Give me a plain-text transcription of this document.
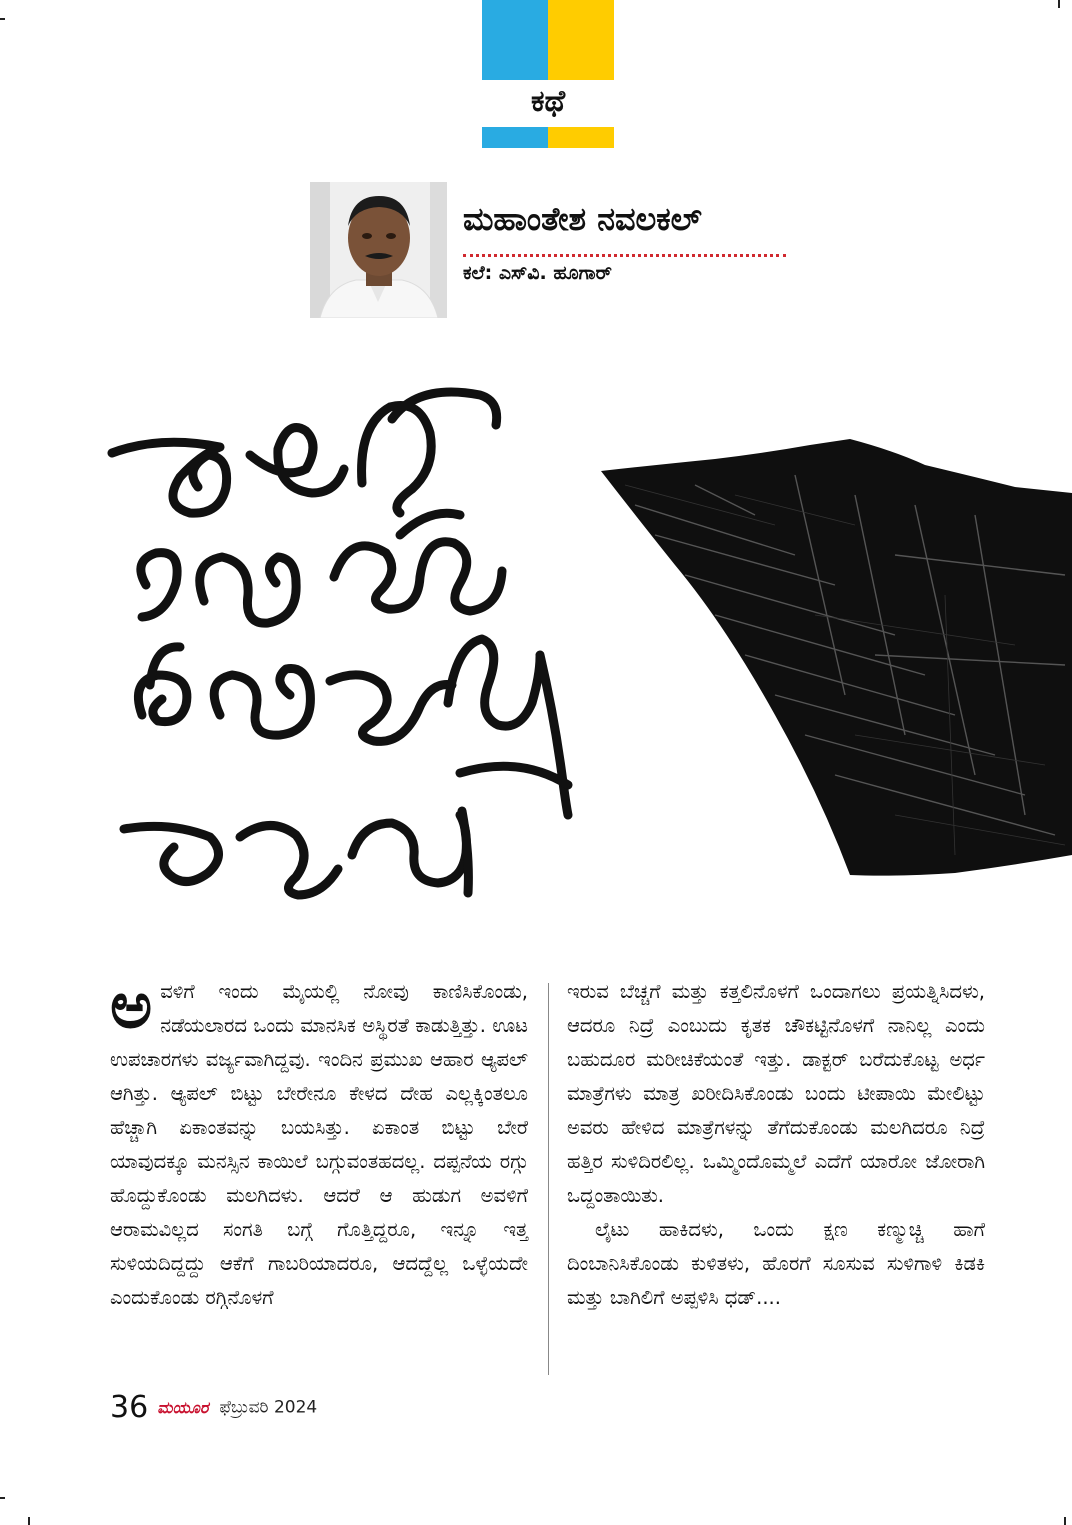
ಕಥೆ
ಮಹಾಂತೇಶ ನವಲಕಲ್
ಕಲೆ: ಎಸ್‌ವಿ. ಹೂಗಾರ್

ಅವಳಿಗೆ ಇಂದು ಮೈಯಲ್ಲಿ ನೋವು ಕಾಣಿಸಿಕೊಂಡು, ನಡೆಯಲಾರದ ಒಂದು ಮಾನಸಿಕ ಅಸ್ಥಿರತೆ ಕಾಡುತ್ತಿತ್ತು. ಊಟ ಉಪಚಾರಗಳು ವರ್ಜ್ಯವಾಗಿದ್ದವು. ಇಂದಿನ ಪ್ರಮುಖ ಆಹಾರ ಆ್ಯಪಲ್ ಆಗಿತ್ತು. ಆ್ಯಪಲ್ ಬಿಟ್ಟು ಬೇರೇನೂ ಕೇಳದ ದೇಹ ಎಲ್ಲಕ್ಕಿಂತಲೂ ಹೆಚ್ಚಾಗಿ ಏಕಾಂತವನ್ನು ಬಯಸಿತ್ತು. ಏಕಾಂತ ಬಿಟ್ಟು ಬೇರೆ ಯಾವುದಕ್ಕೂ ಮನಸ್ಸಿನ ಕಾಯಿಲೆ ಬಗ್ಗುವಂತಹದಲ್ಲ. ದಪ್ಪನೆಯ ರಗ್ಗು ಹೊದ್ದುಕೊಂಡು ಮಲಗಿದಳು. ಆದರೆ ಆ ಹುಡುಗ ಅವಳಿಗೆ ಆರಾಮವಿಲ್ಲದ ಸಂಗತಿ ಬಗ್ಗೆ ಗೊತ್ತಿದ್ದರೂ, ಇನ್ನೂ ಇತ್ತ ಸುಳಿಯದಿದ್ದದ್ದು ಆಕೆಗೆ ಗಾಬರಿಯಾದರೂ, ಆದದ್ದೆಲ್ಲ ಒಳ್ಳೆಯದೇ ಎಂದುಕೊಂಡು ರಗ್ಗಿನೊಳಗೆ

ಇರುವ ಬೆಚ್ಚಗೆ ಮತ್ತು ಕತ್ತಲಿನೊಳಗೆ ಒಂದಾಗಲು ಪ್ರಯತ್ನಿಸಿದಳು, ಆದರೂ ನಿದ್ರೆ ಎಂಬುದು ಕೃತಕ ಚೌಕಟ್ಟಿನೊಳಗೆ ನಾನಿಲ್ಲ ಎಂದು ಬಹುದೂರ ಮರೀಚಿಕೆಯಂತೆ ಇತ್ತು. ಡಾಕ್ಟರ್ ಬರೆದುಕೊಟ್ಟ ಅರ್ಧ ಮಾತ್ರೆಗಳು ಮಾತ್ರ ಖರೀದಿಸಿಕೊಂಡು ಬಂದು ಟೀಪಾಯಿ ಮೇಲಿಟ್ಟು ಅವರು ಹೇಳಿದ ಮಾತ್ರೆಗಳನ್ನು ತೆಗೆದುಕೊಂಡು ಮಲಗಿದರೂ ನಿದ್ರೆ ಹತ್ತಿರ ಸುಳಿದಿರಲಿಲ್ಲ. ಒಮ್ಮಿಂದೊಮ್ಮಲೆ ಎದೆಗೆ ಯಾರೋ ಜೋರಾಗಿ ಒದ್ದಂತಾಯಿತು.

ಲೈಟು ಹಾಕಿದಳು, ಒಂದು ಕ್ಷಣ ಕಣ್ಮುಚ್ಚಿ ಹಾಗೆ ದಿಂಬಾನಿಸಿಕೊಂಡು ಕುಳಿತಳು, ಹೊರಗೆ ಸೂಸುವ ಸುಳಿಗಾಳಿ ಕಿಡಕಿ ಮತ್ತು ಬಾಗಿಲಿಗೆ ಅಪ್ಪಳಿಸಿ ಧಡ್....

36 ಮಯೂರ ಫೆಬ್ರುವರಿ 2024
